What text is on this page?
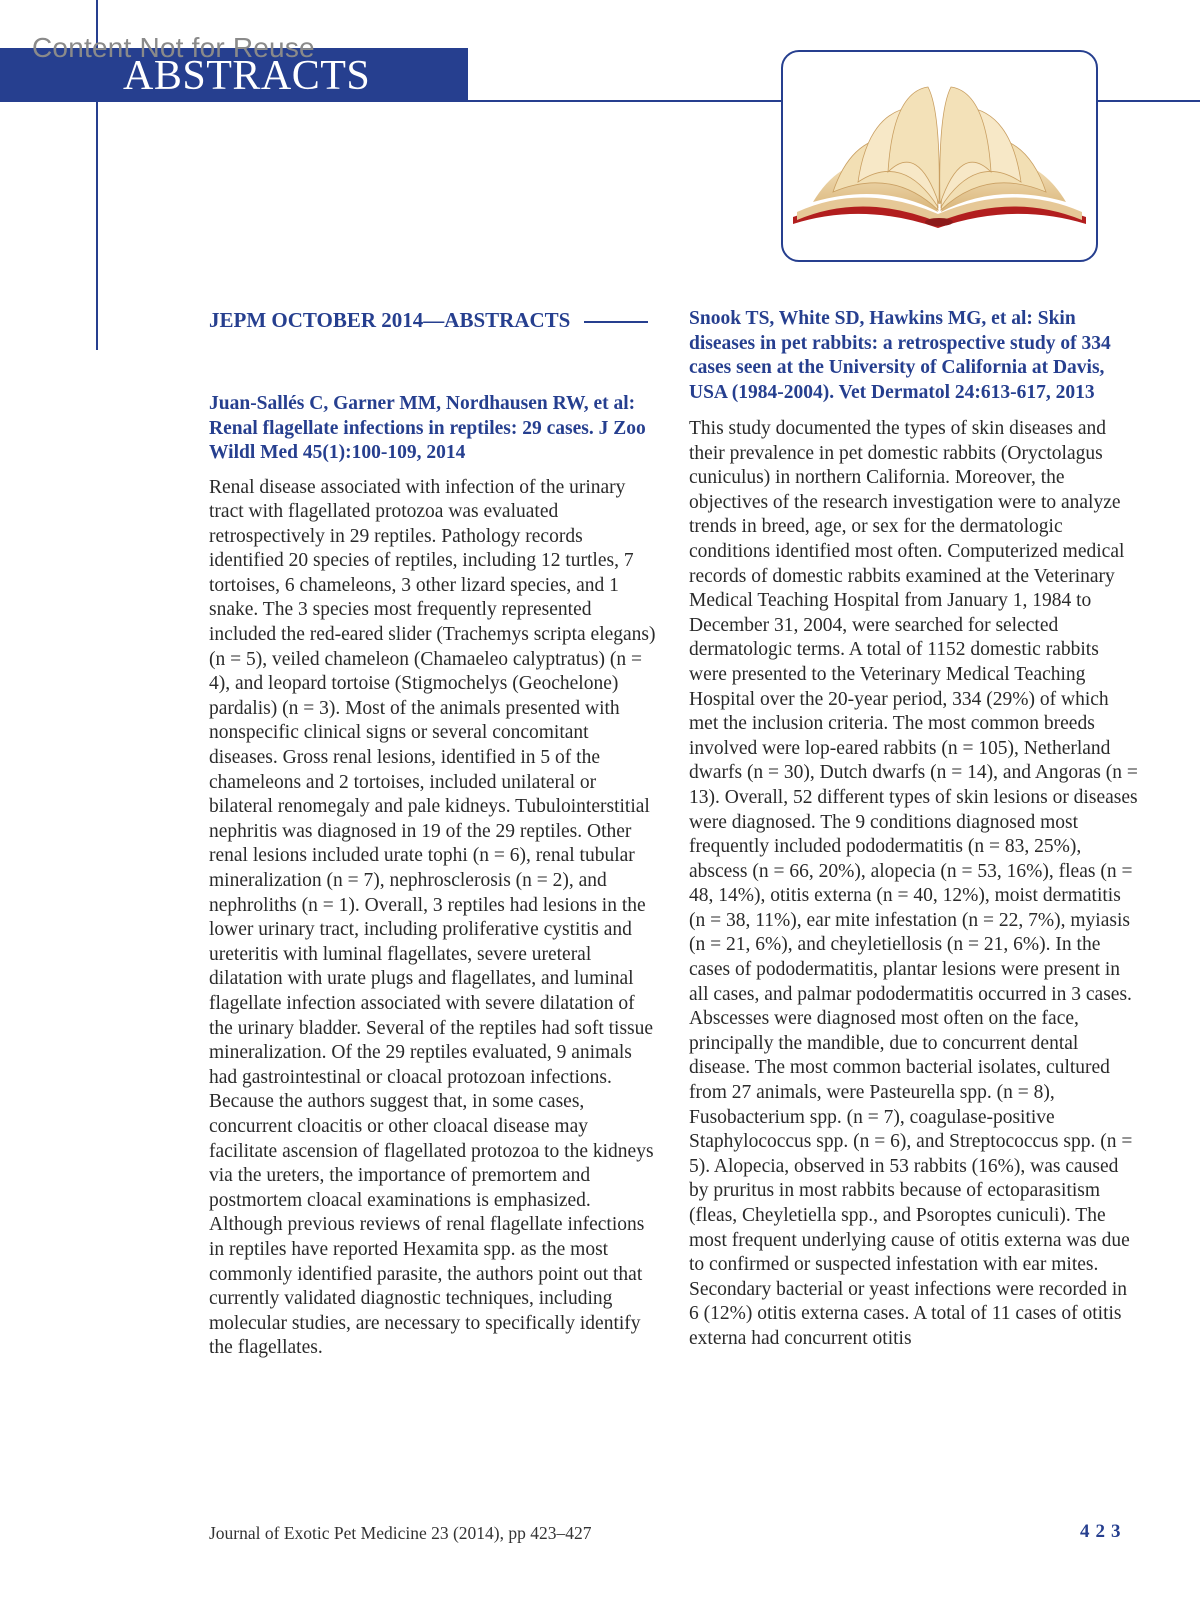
Content Not for Reuse
ABSTRACTS

JEPM OCTOBER 2014—ABSTRACTS

Juan-Sallés C, Garner MM, Nordhausen RW, et al: Renal flagellate infections in reptiles: 29 cases. J Zoo Wildl Med 45(1):100-109, 2014

Renal disease associated with infection of the urinary tract with flagellated protozoa was evaluated retrospectively in 29 reptiles. Pathology records identified 20 species of reptiles, including 12 turtles, 7 tortoises, 6 chameleons, 3 other lizard species, and 1 snake. The 3 species most frequently represented included the red-eared slider (Trachemys scripta elegans) (n = 5), veiled chameleon (Chamaeleo calyptratus) (n = 4), and leopard tortoise (Stigmochelys (Geochelone) pardalis) (n = 3). Most of the animals presented with nonspecific clinical signs or several concomitant diseases. Gross renal lesions, identified in 5 of the chameleons and 2 tortoises, included unilateral or bilateral renomegaly and pale kidneys. Tubulointerstitial nephritis was diagnosed in 19 of the 29 reptiles. Other renal lesions included urate tophi (n = 6), renal tubular mineralization (n = 7), nephrosclerosis (n = 2), and nephroliths (n = 1). Overall, 3 reptiles had lesions in the lower urinary tract, including proliferative cystitis and ureteritis with luminal flagellates, severe ureteral dilatation with urate plugs and flagellates, and luminal flagellate infection associated with severe dilatation of the urinary bladder. Several of the reptiles had soft tissue mineralization. Of the 29 reptiles evaluated, 9 animals had gastrointestinal or cloacal protozoan infections. Because the authors suggest that, in some cases, concurrent cloacitis or other cloacal disease may facilitate ascension of flagellated protozoa to the kidneys via the ureters, the importance of premortem and postmortem cloacal examinations is emphasized. Although previous reviews of renal flagellate infections in reptiles have reported Hexamita spp. as the most commonly identified parasite, the authors point out that currently validated diagnostic techniques, including molecular studies, are necessary to specifically identify the flagellates.

Snook TS, White SD, Hawkins MG, et al: Skin diseases in pet rabbits: a retrospective study of 334 cases seen at the University of California at Davis, USA (1984-2004). Vet Dermatol 24:613-617, 2013

This study documented the types of skin diseases and their prevalence in pet domestic rabbits (Oryctolagus cuniculus) in northern California. Moreover, the objectives of the research investigation were to analyze trends in breed, age, or sex for the dermatologic conditions identified most often. Computerized medical records of domestic rabbits examined at the Veterinary Medical Teaching Hospital from January 1, 1984 to December 31, 2004, were searched for selected dermatologic terms. A total of 1152 domestic rabbits were presented to the Veterinary Medical Teaching Hospital over the 20-year period, 334 (29%) of which met the inclusion criteria. The most common breeds involved were lop-eared rabbits (n = 105), Netherland dwarfs (n = 30), Dutch dwarfs (n = 14), and Angoras (n = 13). Overall, 52 different types of skin lesions or diseases were diagnosed. The 9 conditions diagnosed most frequently included pododermatitis (n = 83, 25%), abscess (n = 66, 20%), alopecia (n = 53, 16%), fleas (n = 48, 14%), otitis externa (n = 40, 12%), moist dermatitis (n = 38, 11%), ear mite infestation (n = 22, 7%), myiasis (n = 21, 6%), and cheyletiellosis (n = 21, 6%). In the cases of pododermatitis, plantar lesions were present in all cases, and palmar pododermatitis occurred in 3 cases. Abscesses were diagnosed most often on the face, principally the mandible, due to concurrent dental disease. The most common bacterial isolates, cultured from 27 animals, were Pasteurella spp. (n = 8), Fusobacterium spp. (n = 7), coagulase-positive Staphylococcus spp. (n = 6), and Streptococcus spp. (n = 5). Alopecia, observed in 53 rabbits (16%), was caused by pruritus in most rabbits because of ectoparasitism (fleas, Cheyletiella spp., and Psoroptes cuniculi). The most frequent underlying cause of otitis externa was due to confirmed or suspected infestation with ear mites. Secondary bacterial or yeast infections were recorded in 6 (12%) otitis externa cases. A total of 11 cases of otitis externa had concurrent otitis

Journal of Exotic Pet Medicine 23 (2014), pp 423–427	423
